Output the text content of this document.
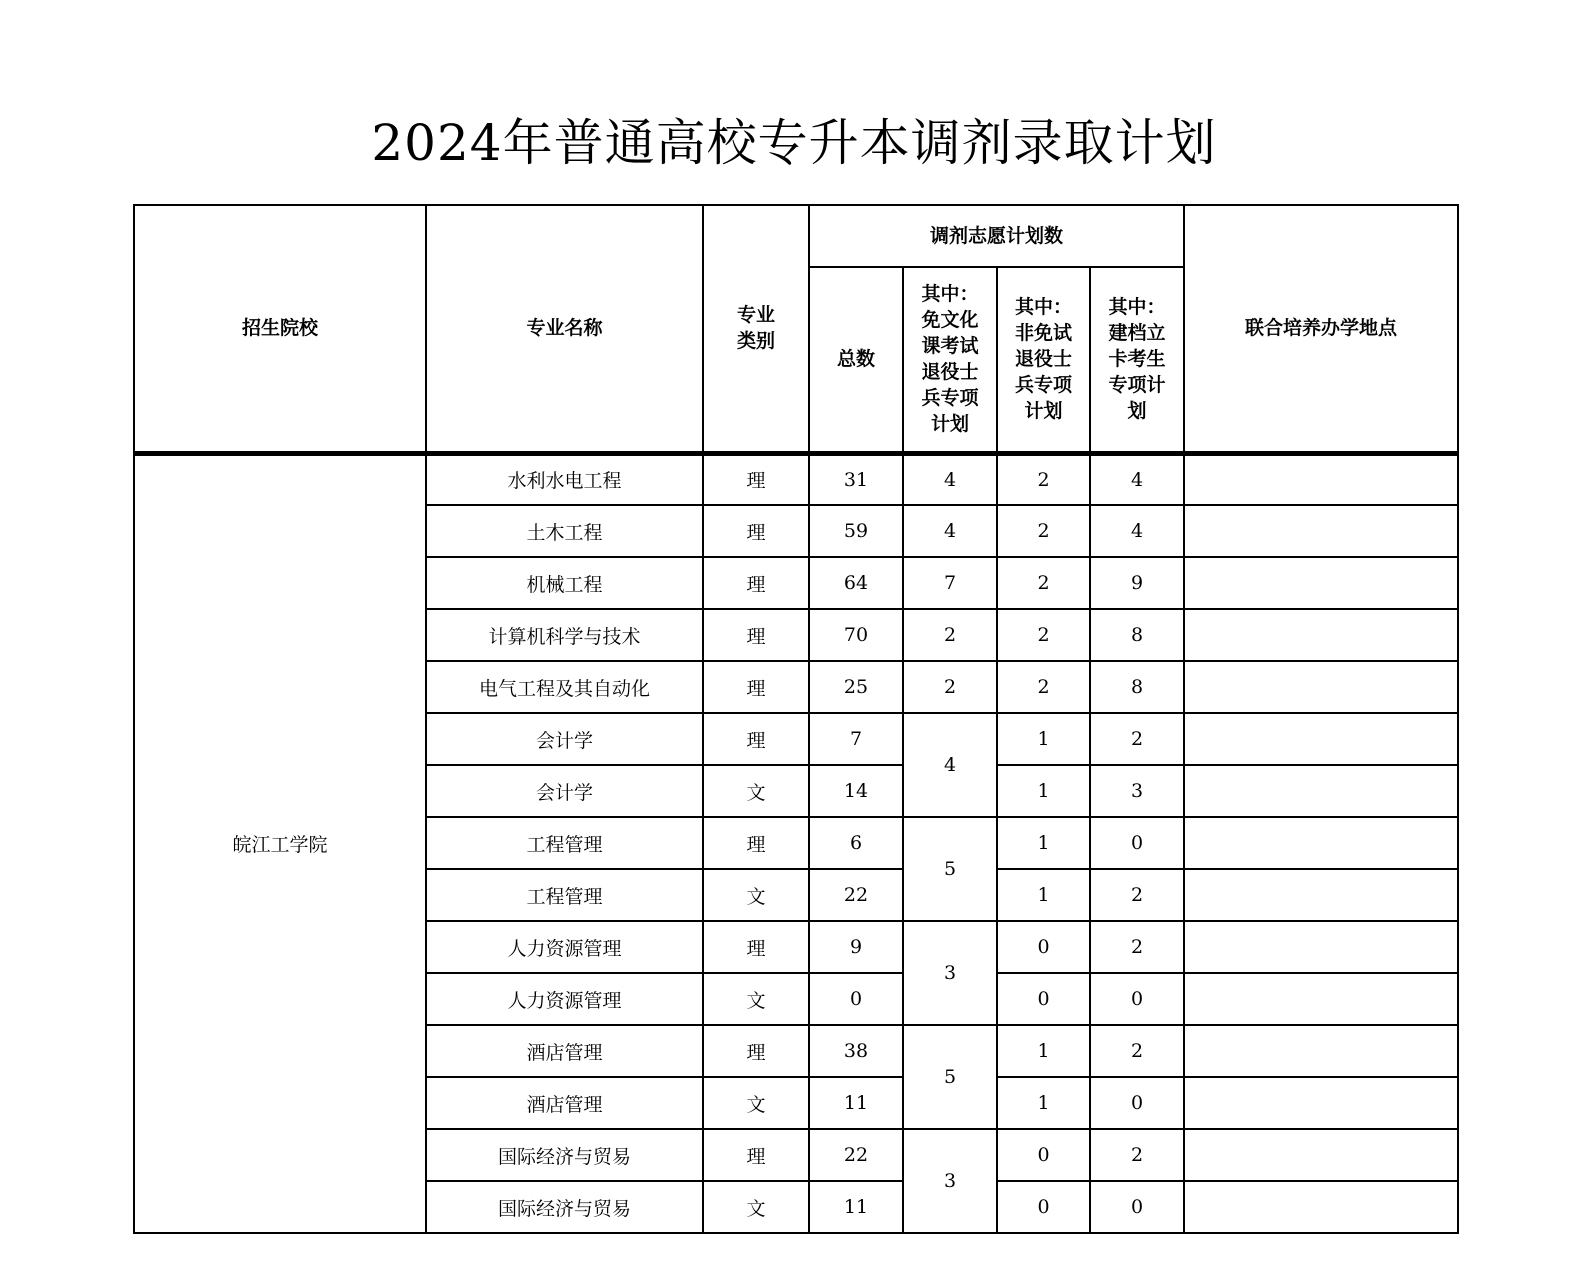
2024年普通高校专升本调剂录取计划
招生院校	专业名称	专业类别	调剂志愿计划数				联合培养办学地点
			总数	其中：免文化课考试退役士兵专项计划	其中：非免试退役士兵专项计划	其中：建档立卡考生专项计划	
皖江工学院	水利水电工程	理	31	4	2	4	
	土木工程	理	59	4	2	4	
	机械工程	理	64	7	2	9	
	计算机科学与技术	理	70	2	2	8	
	电气工程及其自动化	理	25	2	2	8	
	会计学	理	7	4	1	2	
	会计学	文	14		1	3	
	工程管理	理	6	5	1	0	
	工程管理	文	22		1	2	
	人力资源管理	理	9	3	0	2	
	人力资源管理	文	0		0	0	
	酒店管理	理	38	5	1	2	
	酒店管理	文	11		1	0	
	国际经济与贸易	理	22	3	0	2	
	国际经济与贸易	文	11		0	0	
